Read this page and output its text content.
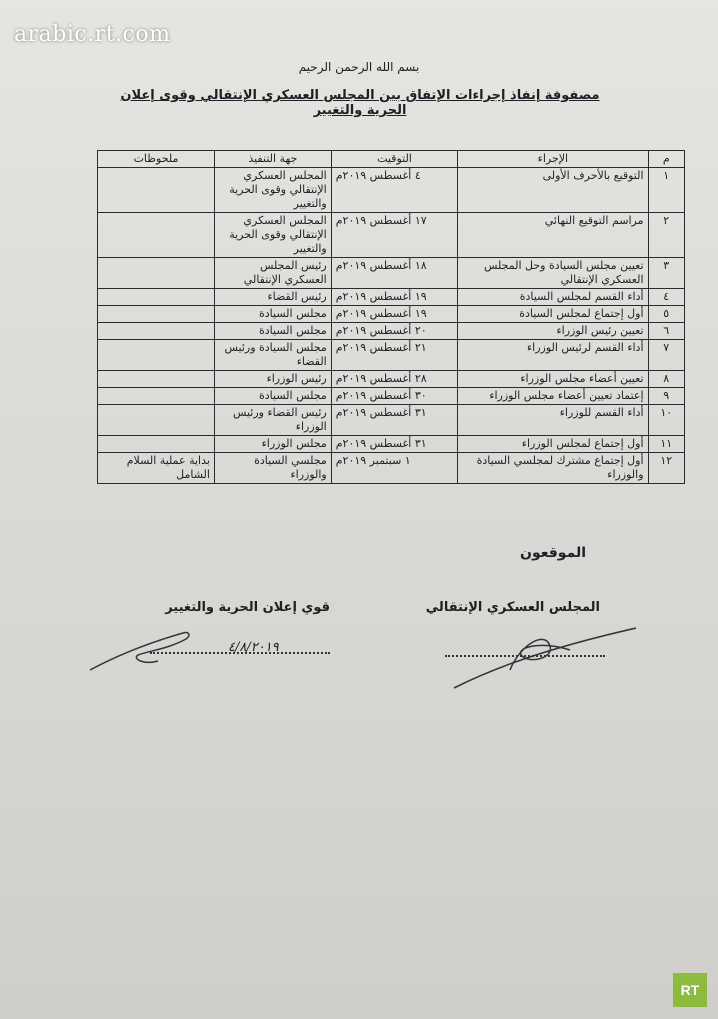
arabic.rt.com
بسم الله الرحمن الرحيم
مصفوفة إنفاذ إجراءات الإتفاق بين المجلس العسكري الإنتقالي وقوى إعلان الحرية والتغيير
م	الإجراء	التوقيت	جهة التنفيذ	ملحوظات
١	التوقيع بالأحرف الأولى	٤ أغسطس ٢٠١٩م	المجلس العسكري الإنتقالي وقوى الحرية والتغيير	
٢	مراسم التوقيع النهائي	١٧ أغسطس ٢٠١٩م	المجلس العسكري الإنتقالي وقوى الحرية والتغيير	
٣	تعيين مجلس السيادة وحل المجلس العسكري الإنتقالي	١٨ أغسطس ٢٠١٩م	رئيس المجلس العسكري الإنتقالي	
٤	أداء القسم لمجلس السيادة	١٩ أغسطس ٢٠١٩م	رئيس القضاء	
٥	أول إجتماع لمجلس السيادة	١٩ أغسطس ٢٠١٩م	مجلس السيادة	
٦	تعيين رئيس الوزراء	٢٠ أغسطس ٢٠١٩م	مجلس السيادة	
٧	أداء القسم لرئيس الوزراء	٢١ أغسطس ٢٠١٩م	مجلس السيادة ورئيس القضاء	
٨	تعيين أعضاء مجلس الوزراء	٢٨ أغسطس ٢٠١٩م	رئيس الوزراء	
٩	إعتماد تعيين أعضاء مجلس الوزراء	٣٠ أغسطس ٢٠١٩م	مجلس السيادة	
١٠	أداء القسم للوزراء	٣١ أغسطس ٢٠١٩م	رئيس القضاء ورئيس الوزراء	
١١	أول إجتماع لمجلس الوزراء	٣١ أغسطس ٢٠١٩م	مجلس الوزراء	
١٢	أول إجتماع مشترك لمجلسي السيادة والوزراء	١ سبتمبر ٢٠١٩م	مجلسي السيادة والوزراء	بداية عملية السلام الشامل
الموقعون
قوي إعلان الحرية والتغيير	المجلس العسكري الإنتقالي
٤/٨/٢٠١٩
RT
